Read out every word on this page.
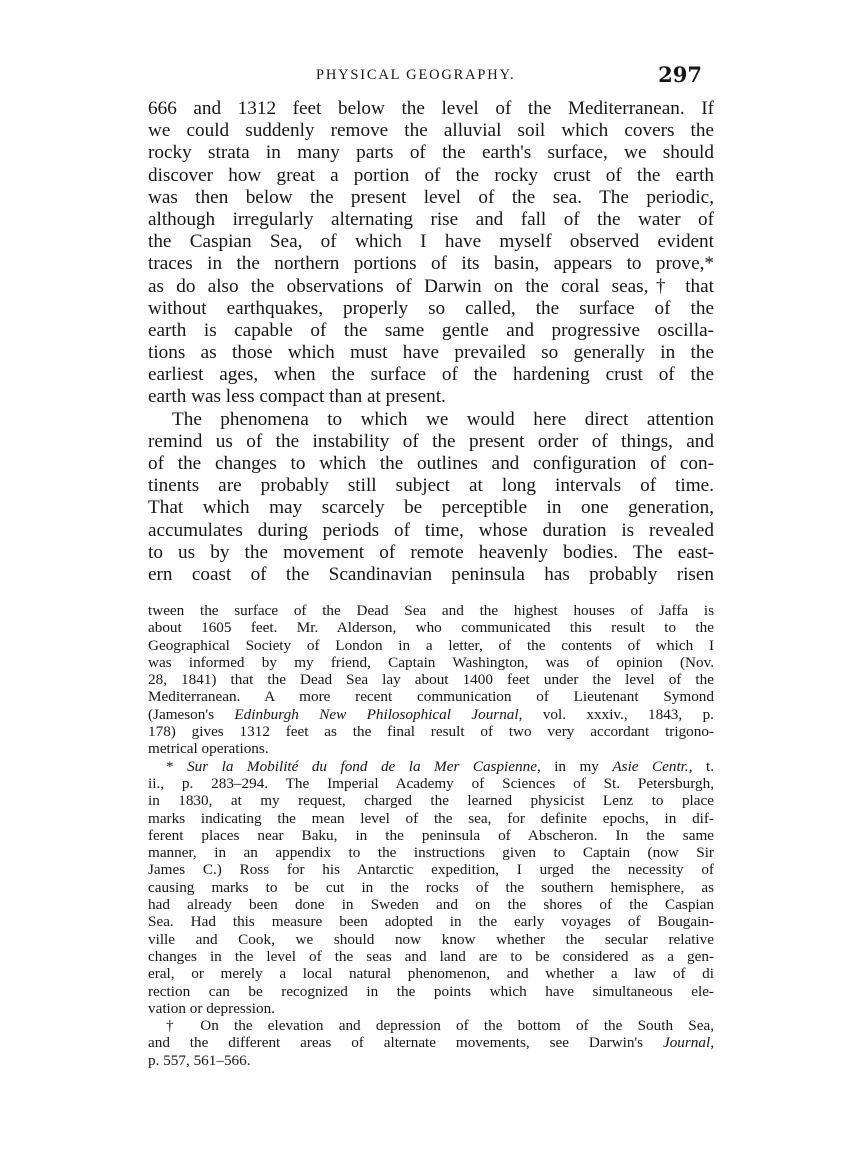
PHYSICAL GEOGRAPHY.	297
666 and 1312 feet below the level of the Mediterranean. If
we could suddenly remove the alluvial soil which covers the
rocky strata in many parts of the earth's surface, we should
discover how great a portion of the rocky crust of the earth
was then below the present level of the sea. The periodic,
although irregularly alternating rise and fall of the water of
the Caspian Sea, of which I have myself observed evident
traces in the northern portions of its basin, appears to prove,*
as do also the observations of Darwin on the coral seas,† that
without earthquakes, properly so called, the surface of the
earth is capable of the same gentle and progressive oscilla-
tions as those which must have prevailed so generally in the
earliest ages, when the surface of the hardening crust of the
earth was less compact than at present.
The phenomena to which we would here direct attention
remind us of the instability of the present order of things, and
of the changes to which the outlines and configuration of con-
tinents are probably still subject at long intervals of time.
That which may scarcely be perceptible in one generation,
accumulates during periods of time, whose duration is revealed
to us by the movement of remote heavenly bodies. The east-
ern coast of the Scandinavian peninsula has probably risen
tween the surface of the Dead Sea and the highest houses of Jaffa is
about 1605 feet. Mr. Alderson, who communicated this result to the
Geographical Society of London in a letter, of the contents of which I
was informed by my friend, Captain Washington, was of opinion (Nov.
28, 1841) that the Dead Sea lay about 1400 feet under the level of the
Mediterranean. A more recent communication of Lieutenant Symond
(Jameson's Edinburgh New Philosophical Journal, vol. xxxiv., 1843, p.
178) gives 1312 feet as the final result of two very accordant trigono-
metrical operations.
* Sur la Mobilité du fond de la Mer Caspienne, in my Asie Centr., t.
ii., p. 283–294. The Imperial Academy of Sciences of St. Petersburgh,
in 1830, at my request, charged the learned physicist Lenz to place
marks indicating the mean level of the sea, for definite epochs, in dif-
ferent places near Baku, in the peninsula of Abscheron. In the same
manner, in an appendix to the instructions given to Captain (now Sir
James C.) Ross for his Antarctic expedition, I urged the necessity of
causing marks to be cut in the rocks of the southern hemisphere, as
had already been done in Sweden and on the shores of the Caspian
Sea. Had this measure been adopted in the early voyages of Bougain-
ville and Cook, we should now know whether the secular relative
changes in the level of the seas and land are to be considered as a gen-
eral, or merely a local natural phenomenon, and whether a law of di
rection can be recognized in the points which have simultaneous ele-
vation or depression.
† On the elevation and depression of the bottom of the South Sea,
and the different areas of alternate movements, see Darwin's Journal,
p. 557, 561–566.
